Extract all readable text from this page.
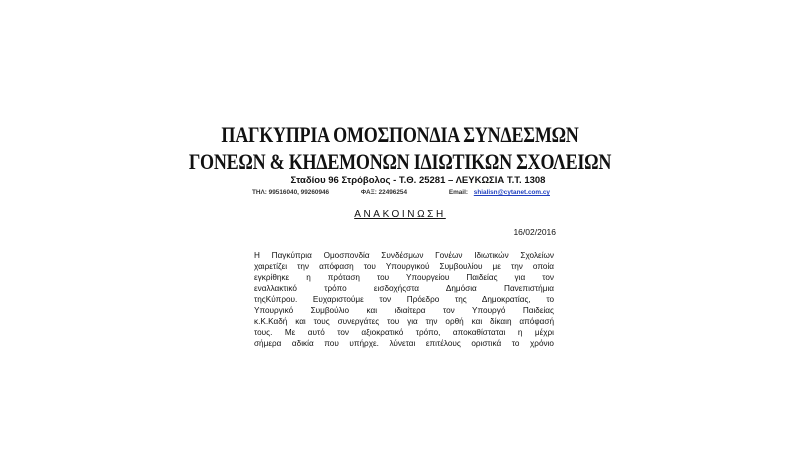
ΠΑΓΚΥΠΡΙΑ ΟΜΟΣΠΟΝΔΙΑ ΣΥΝΔΕΣΜΩΝ
ΓΟΝΕΩΝ & ΚΗΔΕΜΟΝΩΝ ΙΔΙΩΤΙΚΩΝ ΣΧΟΛΕΙΩΝ
Σταδίου 96 Στρόβολος - Τ.Θ. 25281 – ΛΕΥΚΩΣΙΑ Τ.Τ. 1308
ΤΗΛ: 99516040, 99260946	ΦΑΞ: 22496254	Email: shialisn@cytanet.com.cy
ΑΝΑΚΟΙΝΩΣΗ
16/02/2016
Η Παγκύπρια Ομοσπονδία Συνδέσμων Γονέων Ιδιωτικών Σχολείων
χαιρετίζει την απόφαση του Υπουργικού Συμβουλίου με την οποία
εγκρίθηκε η πρόταση του Υπουργείου Παιδείας για τον
εναλλακτικό τρόπο εισδοχήςστα Δημόσια Πανεπιστήμια
τηςΚύπρου. Ευχαριστούμε τον Πρόεδρο της Δημοκρατίας, το
Υπουργικό Συμβούλιο και ιδιαίτερα τον Υπουργό Παιδείας
κ.Κ.Καδή και τους συνεργάτες του για την ορθή και δίκαιη απόφασή
τους. Με αυτό τον αξιοκρατικό τρόπο, αποκαθίσταται η μέχρι
σήμερα αδικία που υπήρχε. λύνεται επιτέλους οριστικά το χρόνιο
